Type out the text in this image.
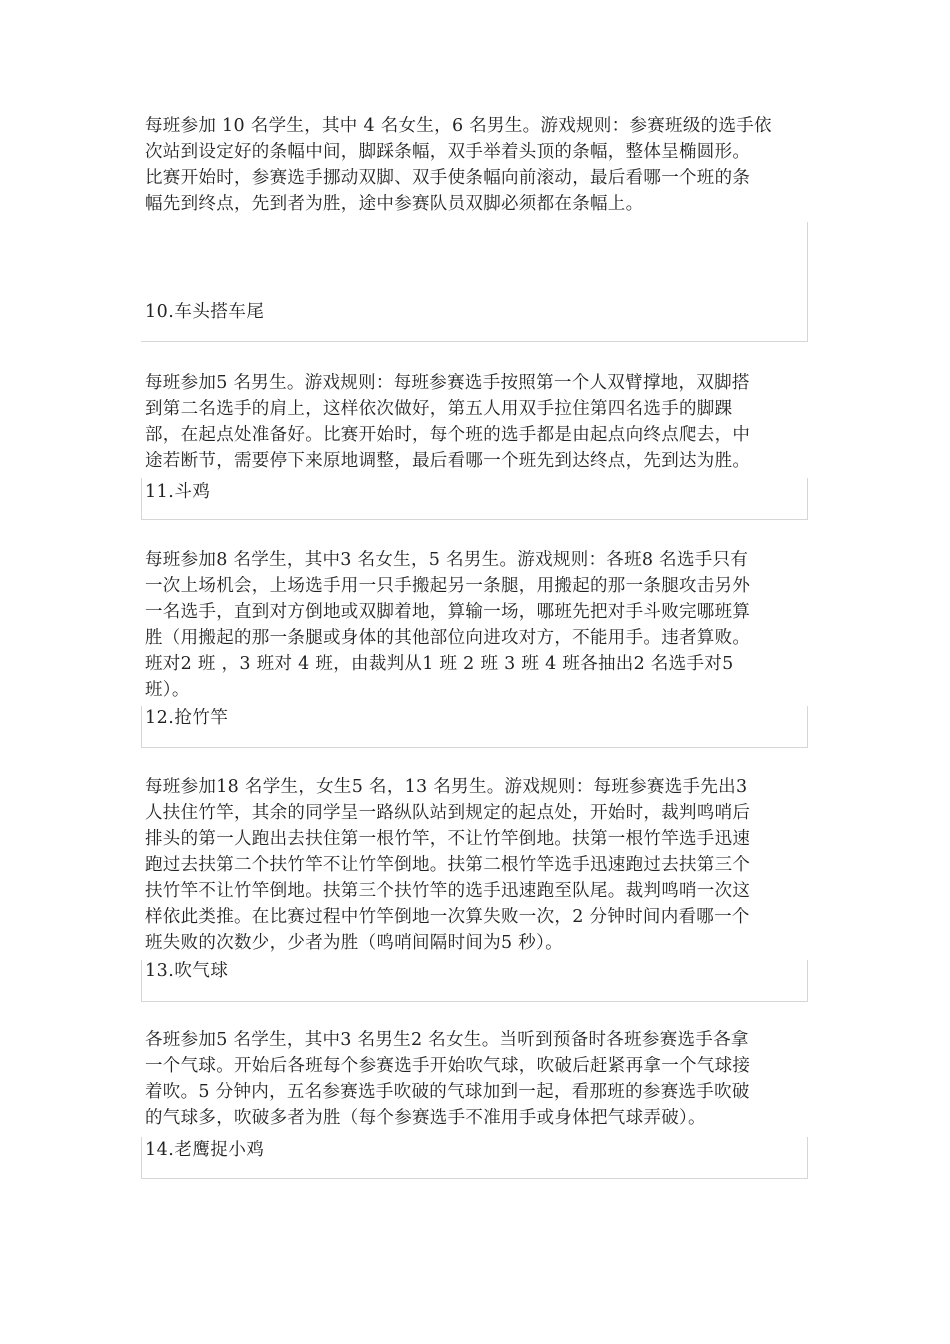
每班参加 10 名学生，其中 4 名女生，6 名男生。游戏规则：参赛班级的选手依
次站到设定好的条幅中间，脚踩条幅，双手举着头顶的条幅，整体呈椭圆形。
比赛开始时，参赛选手挪动双脚、双手使条幅向前滚动，最后看哪一个班的条
幅先到终点，先到者为胜，途中参赛队员双脚必须都在条幅上。
10.车头搭车尾
每班参加5 名男生。游戏规则：每班参赛选手按照第一个人双臂撑地，双脚搭
到第二名选手的肩上，这样依次做好，第五人用双手拉住第四名选手的脚踝
部，在起点处准备好。比赛开始时，每个班的选手都是由起点向终点爬去，中
途若断节，需要停下来原地调整，最后看哪一个班先到达终点，先到达为胜。
11.斗鸡
每班参加8 名学生，其中3 名女生，5 名男生。游戏规则：各班8 名选手只有
一次上场机会，上场选手用一只手搬起另一条腿，用搬起的那一条腿攻击另外
一名选手，直到对方倒地或双脚着地，算输一场，哪班先把对手斗败完哪班算
胜（用搬起的那一条腿或身体的其他部位向进攻对方，不能用手。违者算败。
班对2 班 ，3 班对 4 班，由裁判从1 班 2 班 3 班 4 班各抽出2 名选手对5
班）。
12.抢竹竿
每班参加18 名学生，女生5 名，13 名男生。游戏规则：每班参赛选手先出3
人扶住竹竿，其余的同学呈一路纵队站到规定的起点处，开始时，裁判鸣哨后
排头的第一人跑出去扶住第一根竹竿，不让竹竿倒地。扶第一根竹竿选手迅速
跑过去扶第二个扶竹竿不让竹竿倒地。扶第二根竹竿选手迅速跑过去扶第三个
扶竹竿不让竹竿倒地。扶第三个扶竹竿的选手迅速跑至队尾。裁判鸣哨一次这
样依此类推。在比赛过程中竹竿倒地一次算失败一次，2 分钟时间内看哪一个
班失败的次数少，少者为胜（鸣哨间隔时间为5 秒）。
13.吹气球
各班参加5 名学生，其中3 名男生2 名女生。当听到预备时各班参赛选手各拿
一个气球。开始后各班每个参赛选手开始吹气球，吹破后赶紧再拿一个气球接
着吹。5 分钟内，五名参赛选手吹破的气球加到一起，看那班的参赛选手吹破
的气球多，吹破多者为胜（每个参赛选手不准用手或身体把气球弄破）。
14.老鹰捉小鸡
